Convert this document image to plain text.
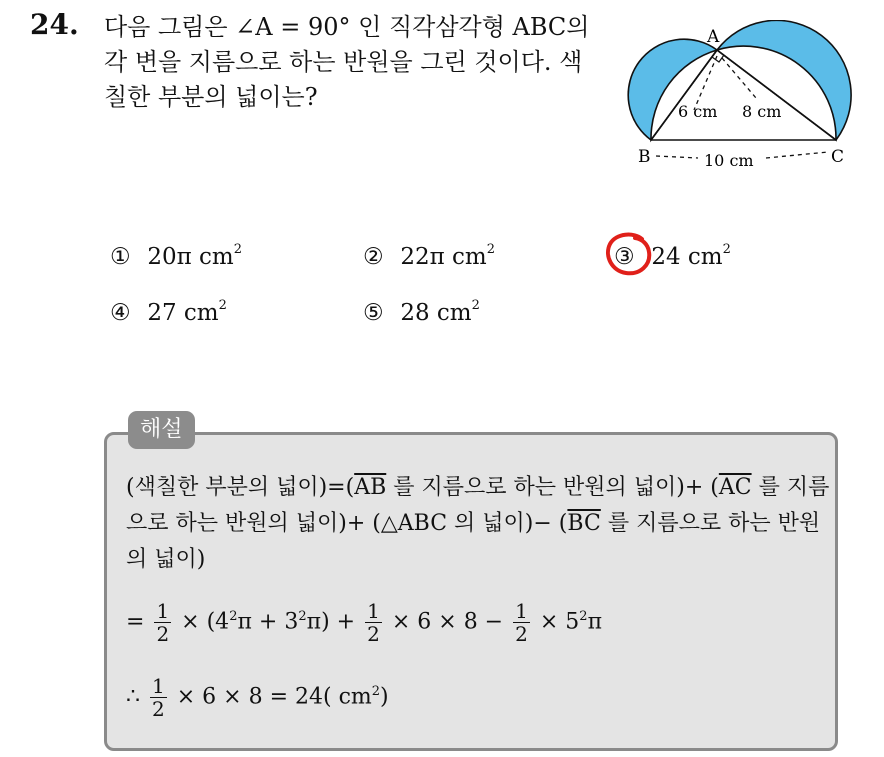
24. 다음 그림은 ∠A = 90° 인 직각삼각형 ABC의 각 변을 지름으로 하는 반원을 그린 것이다. 색칠한 부분의 넓이는?
A
B	C
6 cm 8 cm
10 cm
① 20π $cm^2$	② 22π $cm^2$	③ 24 $cm^2$
④ 27 $cm^2$	⑤ 28 $cm^2$
해설
(색칠한 부분의 넓이)$=(\overline{AB}$ 를 지름으로 하는 반원의 넓이)+ ($\overline{AC}$ 를 지름으로 하는 반원의 넓이)+ (△ABC 의 넓이)− ($\overline{BC}$ 를 지름으로 하는 반원의 넓이)
= $\frac{1}{2} \times (4^2\pi + 3^2\pi) + \frac{1}{2} \times 6 \times 8 - \frac{1}{2} \times 5^2\pi$
∴ $\frac{1}{2} \times 6 \times 8 = 24$( $cm^2$)
